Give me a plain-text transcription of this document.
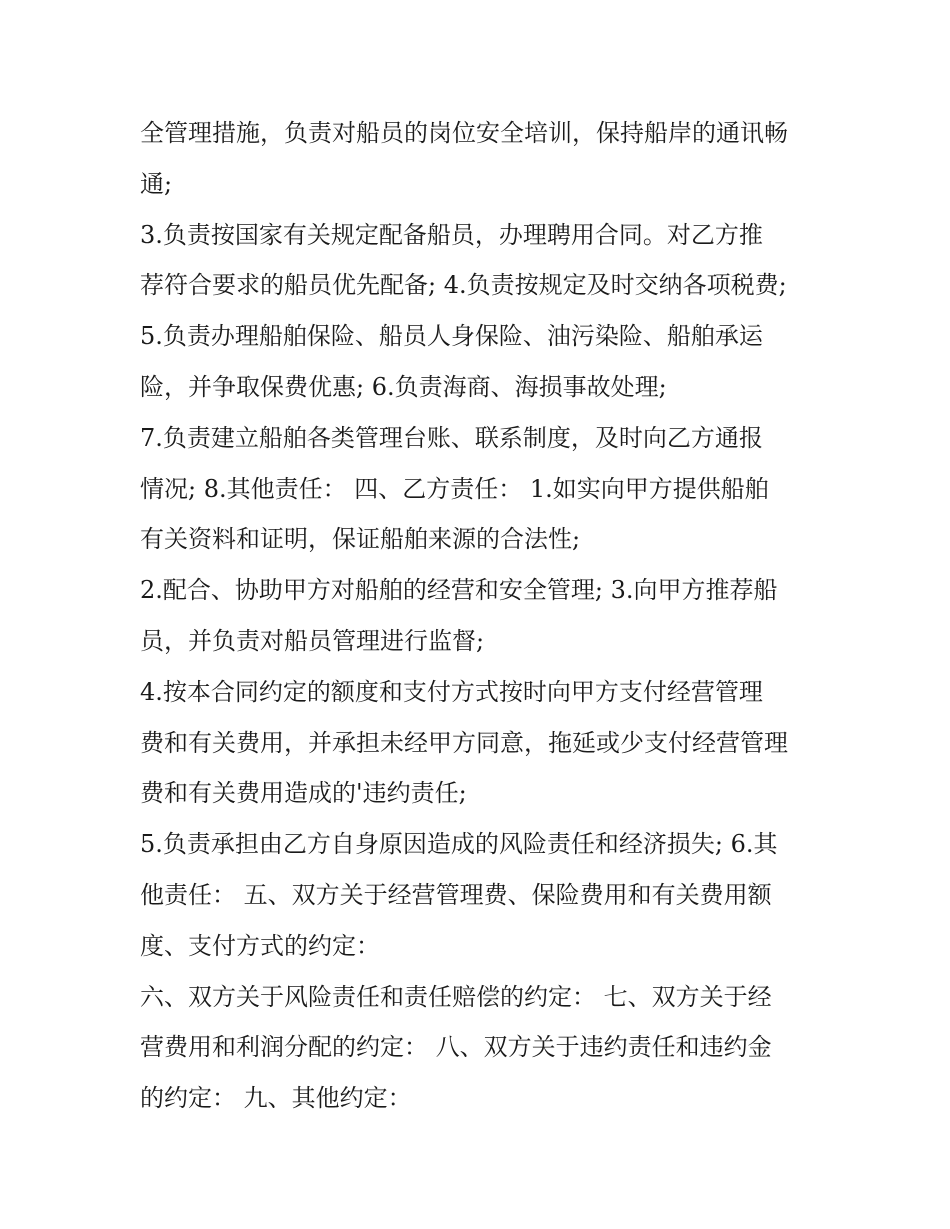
全管理措施，负责对船员的岗位安全培训，保持船岸的通讯畅
通;
3.负责按国家有关规定配备船员，办理聘用合同。对乙方推
荐符合要求的船员优先配备; 4.负责按规定及时交纳各项税费;
5.负责办理船舶保险、船员人身保险、油污染险、船舶承运
险，并争取保费优惠; 6.负责海商、海损事故处理;
7.负责建立船舶各类管理台账、联系制度，及时向乙方通报
情况; 8.其他责任： 四、乙方责任： 1.如实向甲方提供船舶
有关资料和证明，保证船舶来源的合法性;
2.配合、协助甲方对船舶的经营和安全管理; 3.向甲方推荐船
员，并负责对船员管理进行监督;
4.按本合同约定的额度和支付方式按时向甲方支付经营管理
费和有关费用，并承担未经甲方同意，拖延或少支付经营管理
费和有关费用造成的'违约责任;
5.负责承担由乙方自身原因造成的风险责任和经济损失; 6.其
他责任： 五、双方关于经营管理费、保险费用和有关费用额
度、支付方式的约定：
六、双方关于风险责任和责任赔偿的约定： 七、双方关于经
营费用和利润分配的约定： 八、双方关于违约责任和违约金
的约定： 九、其他约定：
